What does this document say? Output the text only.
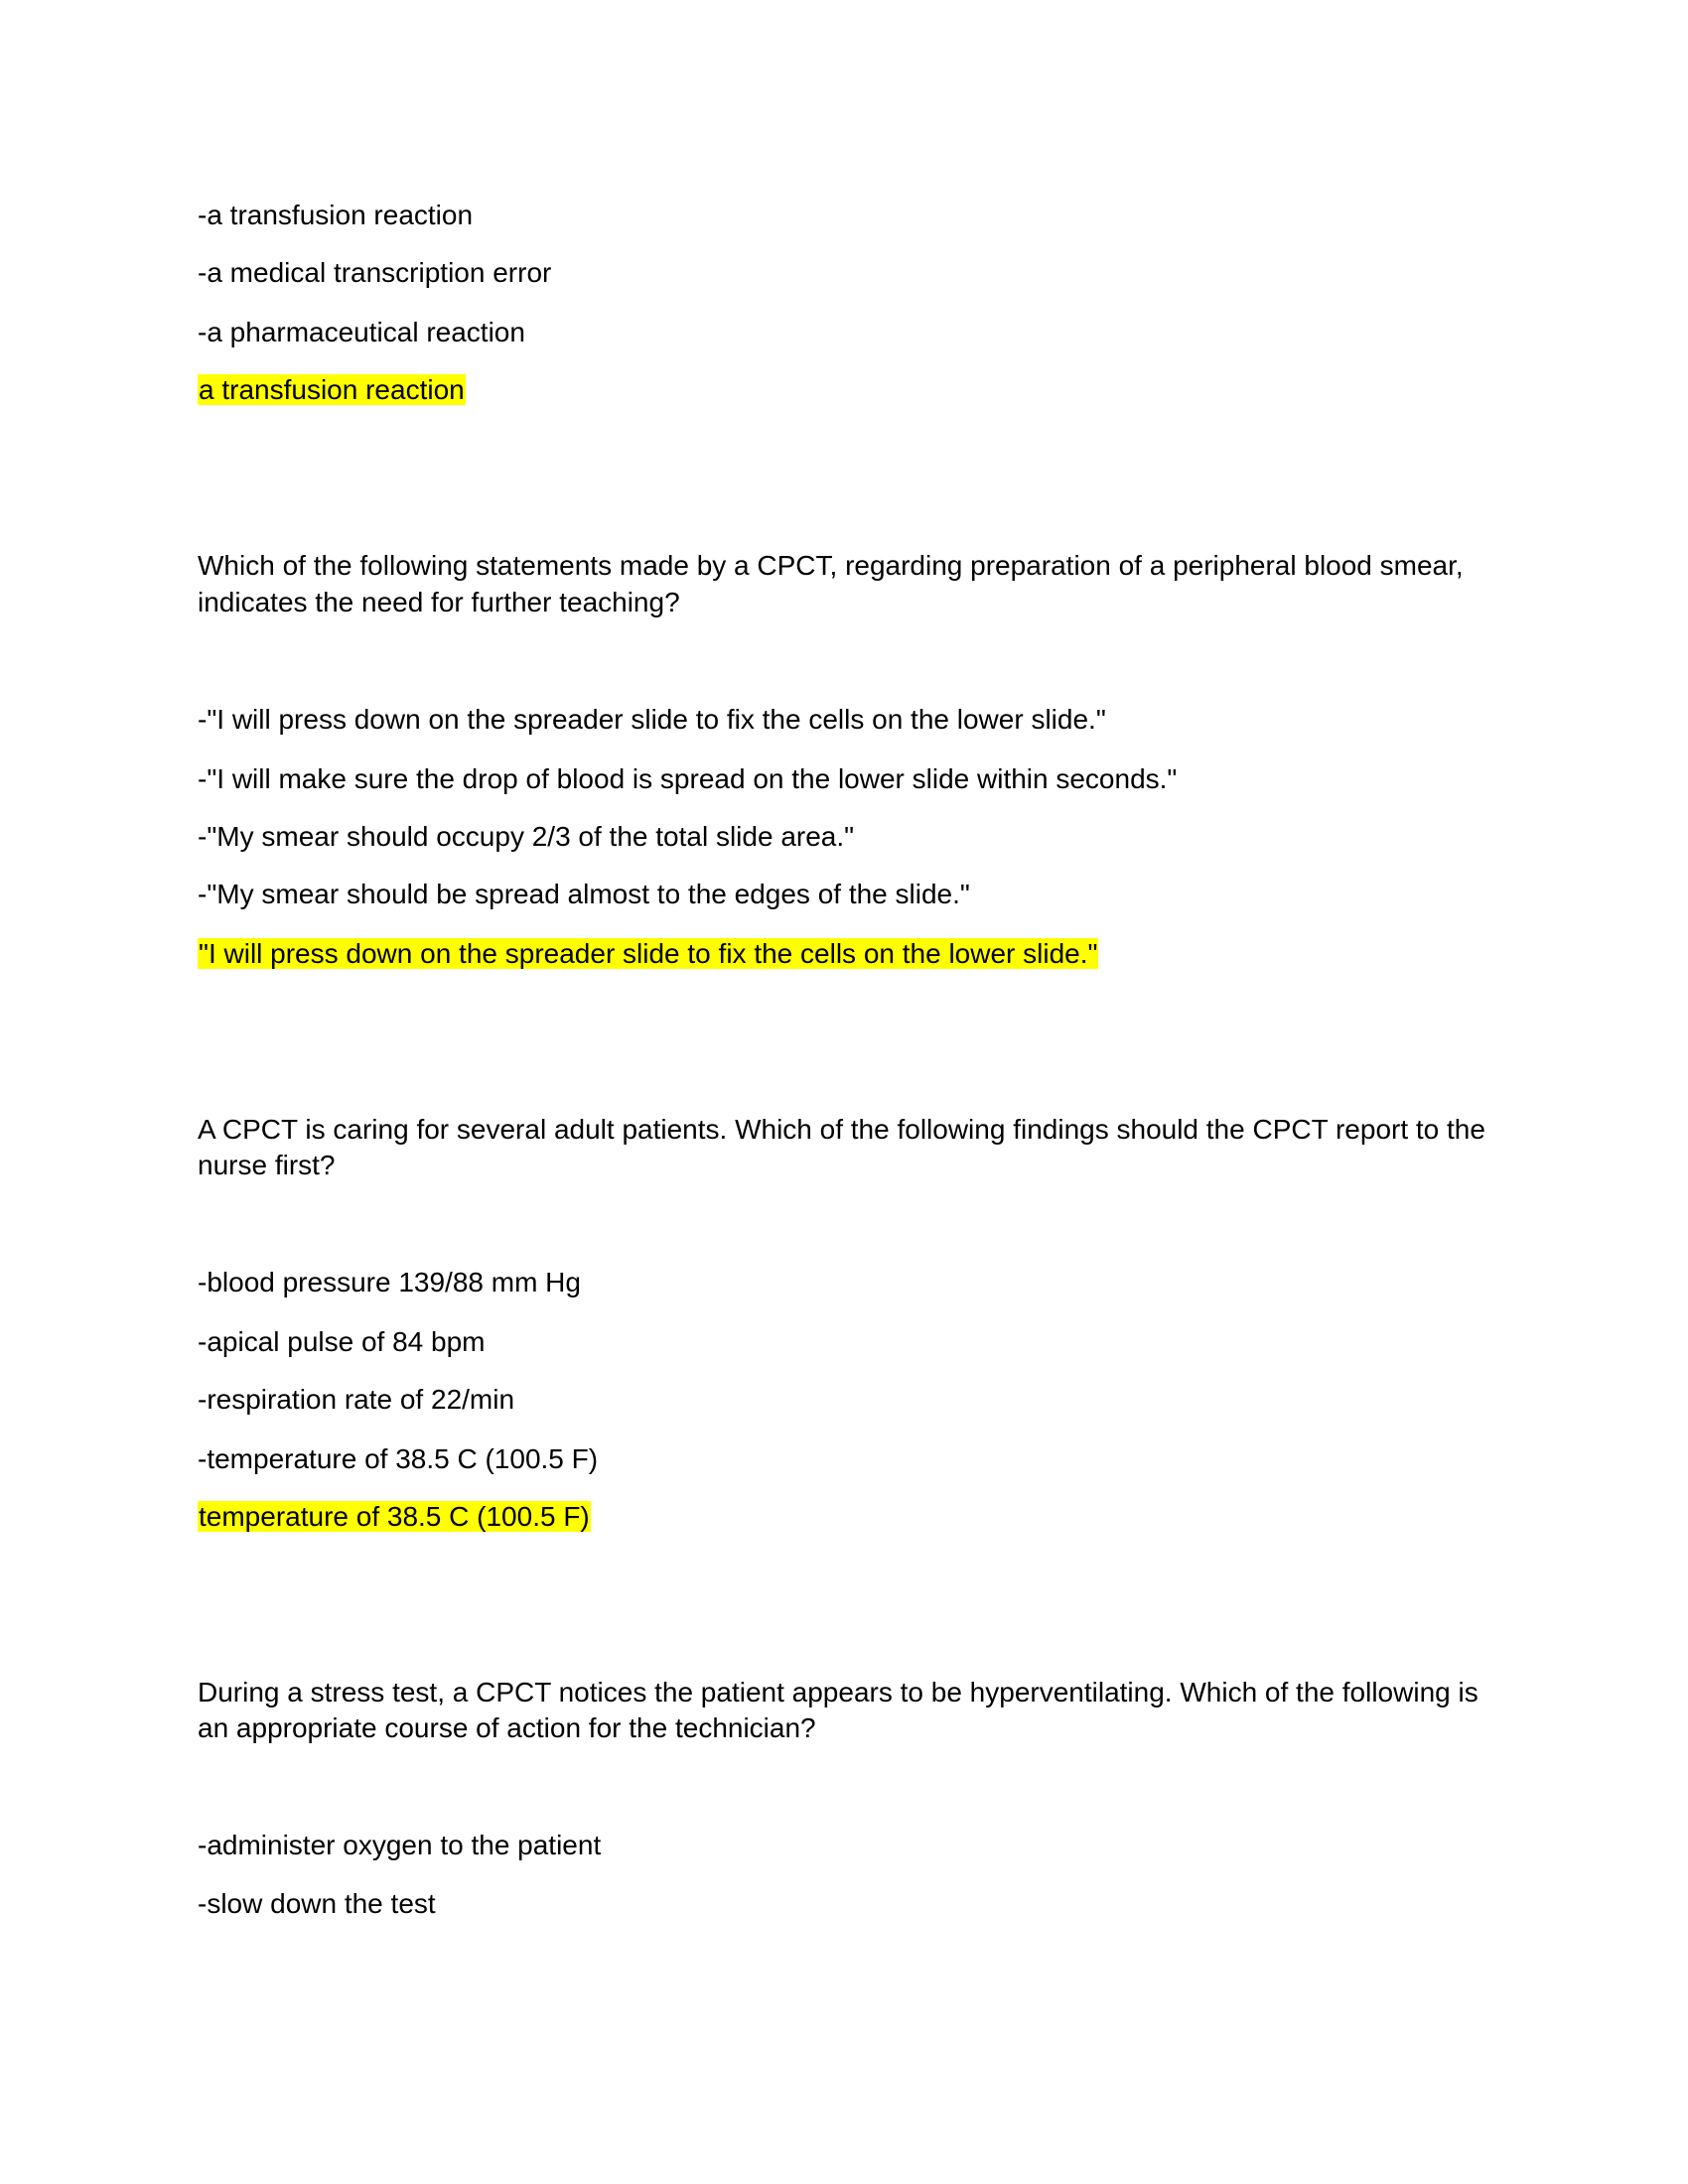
-a transfusion reaction
-a medical transcription error
-a pharmaceutical reaction
a transfusion reaction
Which of the following statements made by a CPCT, regarding preparation of a peripheral blood smear,
indicates the need for further teaching?
-"I will press down on the spreader slide to fix the cells on the lower slide."
-"I will make sure the drop of blood is spread on the lower slide within seconds."
-"My smear should occupy 2/3 of the total slide area."
-"My smear should be spread almost to the edges of the slide."
"I will press down on the spreader slide to fix the cells on the lower slide."
A CPCT is caring for several adult patients. Which of the following findings should the CPCT report to the
nurse first?
-blood pressure 139/88 mm Hg
-apical pulse of 84 bpm
-respiration rate of 22/min
-temperature of 38.5 C (100.5 F)
temperature of 38.5 C (100.5 F)
During a stress test, a CPCT notices the patient appears to be hyperventilating. Which of the following is
an appropriate course of action for the technician?
-administer oxygen to the patient
-slow down the test
